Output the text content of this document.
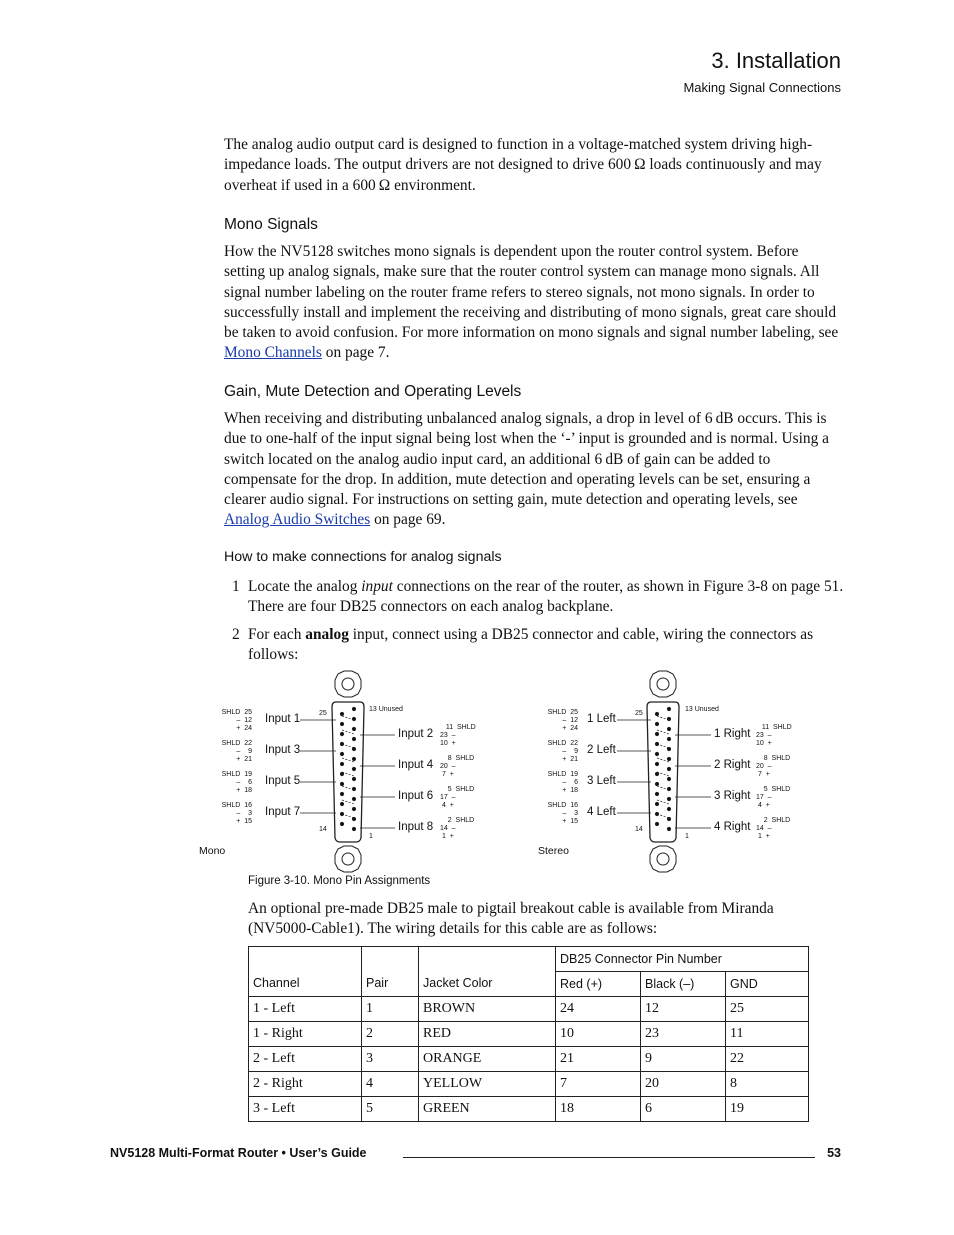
3. Installation
Making Signal Connections

The analog audio output card is designed to function in a voltage-matched system driving high-impedance loads. The output drivers are not designed to drive 600 Ω loads continuously and may overheat if used in a 600 Ω environment.

Mono Signals

How the NV5128 switches mono signals is dependent upon the router control system. Before setting up analog signals, make sure that the router control system can manage mono signals. All signal number labeling on the router frame refers to stereo signals, not mono signals. In order to successfully install and implement the receiving and distributing of mono signals, great care should be taken to avoid confusion. For more information on mono signals and signal number labeling, see Mono Channels on page 7.

Gain, Mute Detection and Operating Levels

When receiving and distributing unbalanced analog signals, a drop in level of 6 dB occurs. This is due to one-half of the input signal being lost when the ‘-’ input is grounded and is normal. Using a switch located on the analog audio input card, an additional 6 dB of gain can be added to compensate for the drop. In addition, mute detection and operating levels can be set, ensuring a clearer audio signal. For instructions on setting gain, mute detection and operating levels, see Analog Audio Switches on page 69.

How to make connections for analog signals
1 Locate the analog input connections on the rear of the router, as shown in Figure 3-8 on page 51. There are four DB25 connectors on each analog backplane.
2 For each analog input, connect using a DB25 connector and cable, wiring the connectors as follows:
SHLD  25
–  12
+  24
SHLD  22
–    9
+  21
SHLD  19
–    6
+  18
SHLD  16
–    3
+  15
Input 1
Input 3
Input 5
Input 7
Input 2
Input 4
Input 6
Input 8
11  SHLD
23  –
10  +
8  SHLD
20  –
7  +
5  SHLD
17  –
4  +
2  SHLD
14  –
1  +
13 Unused
25
14
1
Mono
SHLD  25
–  12
+  24
SHLD  22
–    9
+  21
SHLD  19
–    6
+  18
SHLD  16
–    3
+  15
1 Left
2 Left
3 Left
4 Left
1 Right
2 Right
3 Right
4 Right
11  SHLD
23  –
10  +
8  SHLD
20  –
7  +
5  SHLD
17  –
4  +
2  SHLD
14  –
1  +
13 Unused
25
14
1
Stereo
Figure 3-10. Mono Pin Assignments

An optional pre-made DB25 male to pigtail breakout cable is available from Miranda (NV5000-Cable1). The wiring details for this cable are as follows:

Channel	Pair	Jacket Color	DB25 Connector Pin Number		
			Red (+)	Black (–)	GND
1 - Left	1	BROWN	24	12	25
1 - Right	2	RED	10	23	11
2 - Left	3	ORANGE	21	9	22
2 - Right	4	YELLOW	7	20	8
3 - Left	5	GREEN	18	6	19
NV5128 Multi-Format Router • User’s Guide	53
